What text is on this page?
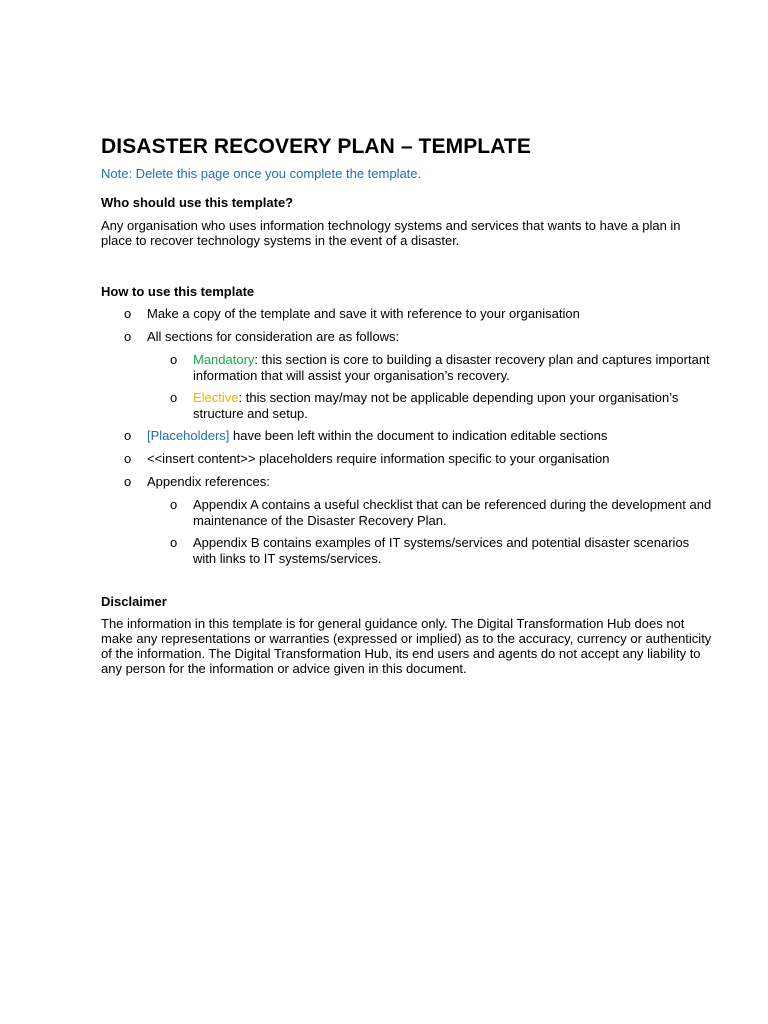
DISASTER RECOVERY PLAN – TEMPLATE
Note: Delete this page once you complete the template.
Who should use this template?
Any organisation who uses information technology systems and services that wants to have a plan in place to recover technology systems in the event of a disaster.
How to use this template
o Make a copy of the template and save it with reference to your organisation
o All sections for consideration are as follows:
o Mandatory: this section is core to building a disaster recovery plan and captures important information that will assist your organisation’s recovery.
o Elective: this section may/may not be applicable depending upon your organisation’s structure and setup.
o [Placeholders] have been left within the document to indication editable sections
o <<insert content>> placeholders require information specific to your organisation
o Appendix references:
o Appendix A contains a useful checklist that can be referenced during the development and maintenance of the Disaster Recovery Plan.
o Appendix B contains examples of IT systems/services and potential disaster scenarios with links to IT systems/services.
Disclaimer
The information in this template is for general guidance only. The Digital Transformation Hub does not make any representations or warranties (expressed or implied) as to the accuracy, currency or authenticity of the information. The Digital Transformation Hub, its end users and agents do not accept any liability to any person for the information or advice given in this document.
